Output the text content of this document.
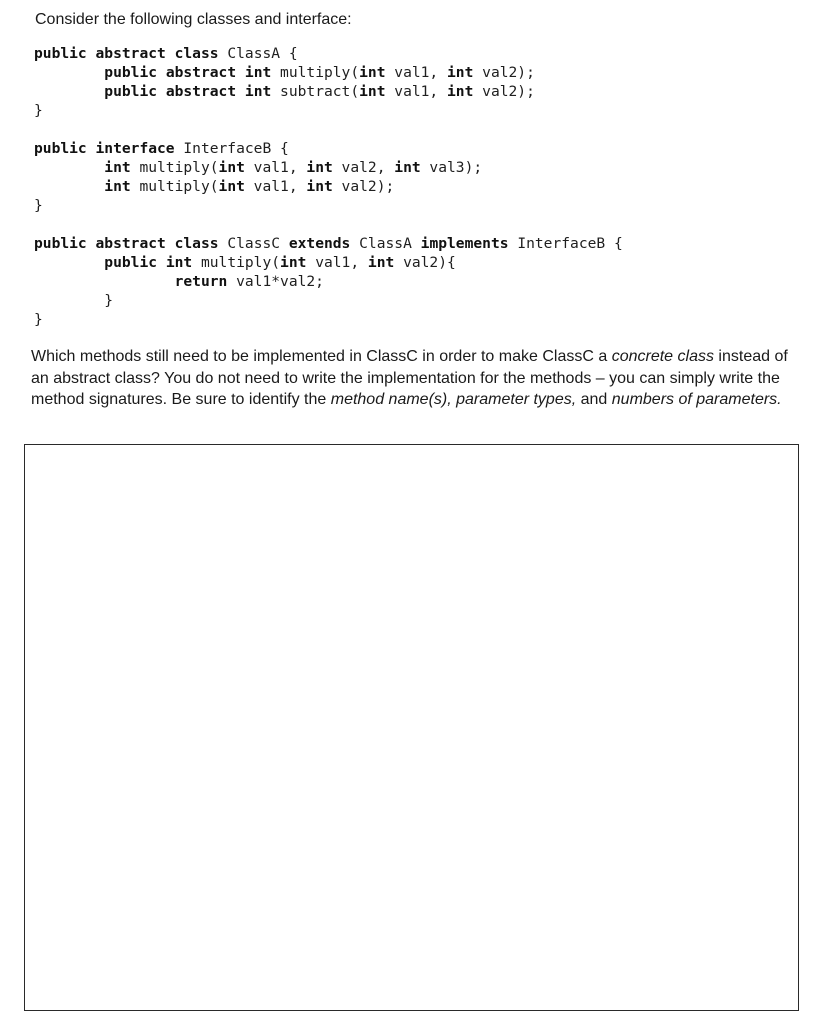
Consider the following classes and interface:
public abstract class ClassA {
public abstract int multiply(int val1, int val2);
public abstract int subtract(int val1, int val2);
}
public interface InterfaceB {
int multiply(int val1, int val2, int val3);
int multiply(int val1, int val2);
}
public abstract class ClassC extends ClassA implements InterfaceB {
public int multiply(int val1, int val2){
return val1*val2;
}
}
Which methods still need to be implemented in ClassC in order to make ClassC a concrete class instead of an abstract class? You do not need to write the implementation for the methods – you can simply write the method signatures. Be sure to identify the method name(s), parameter types, and numbers of parameters.
